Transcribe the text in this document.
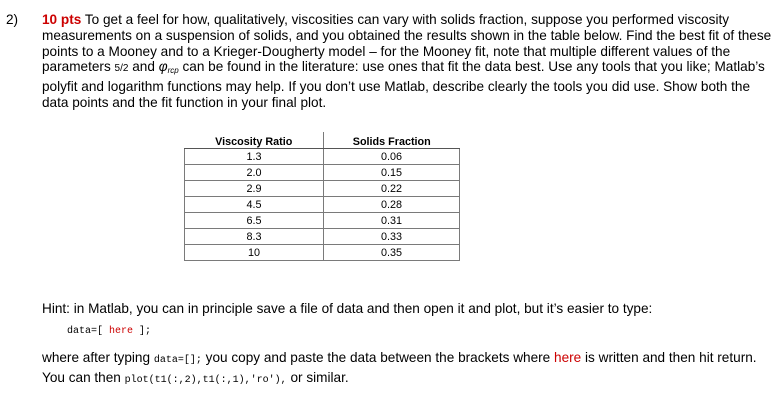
2)	10 pts To get a feel for how, qualitatively, viscosities can vary with solids fraction, suppose you performed viscosity measurements on a suspension of solids, and you obtained the results shown in the table below. Find the best fit of these points to a Mooney and to a Krieger-Dougherty model – for the Mooney fit, note that multiple different values of the parameters 5/2 and $\varphi_{rcp}$ can be found in the literature: use ones that fit the data best. Use any tools that you like; Matlab’s polyfit and logarithm functions may help. If you don’t use Matlab, describe clearly the tools you did use. Show both the data points and the fit function in your final plot.
Viscosity Ratio	Solids Fraction
1.3	0.06
2.0	0.15
2.9	0.22
4.5	0.28
6.5	0.31
8.3	0.33
10	0.35
Hint: in Matlab, you can in principle save a file of data and then open it and plot, but it’s easier to type:
data=[ here ];
where after typing data=[]; you copy and paste the data between the brackets where here is written and then hit return. You can then plot(t1(:,2),t1(:,1),'ro'), or similar.
